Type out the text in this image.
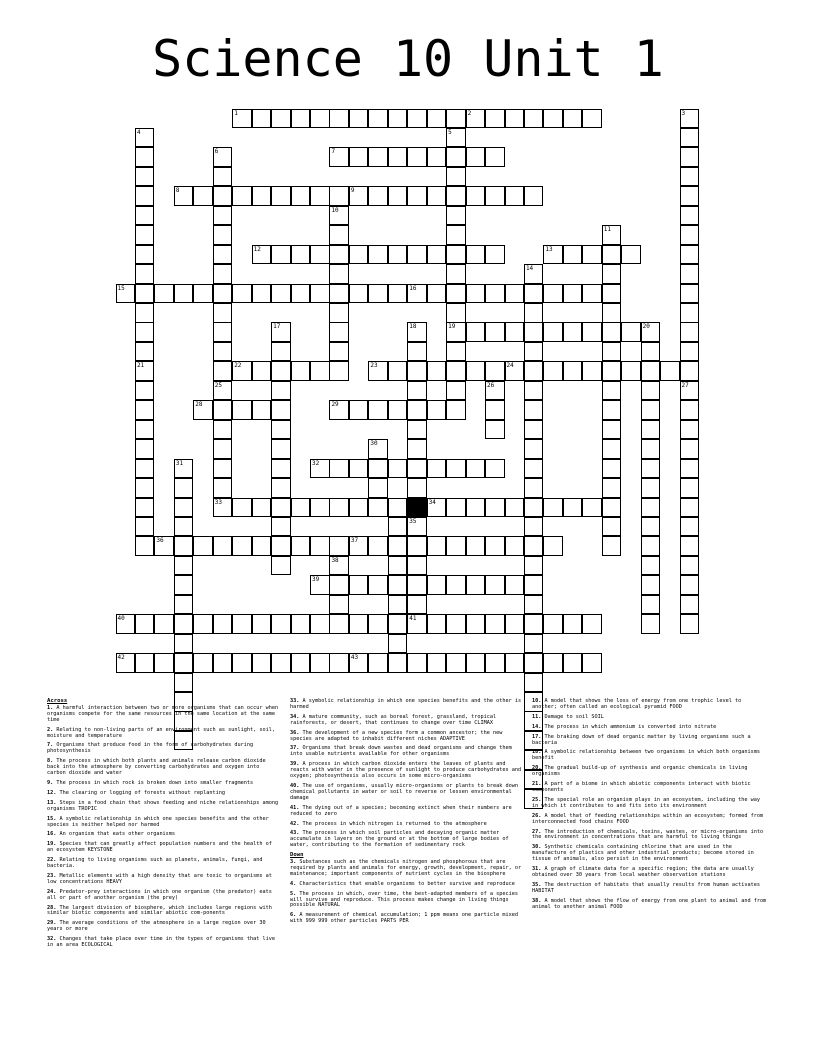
Science 10 Unit 1
1	2	3
4	5
6	7
8	9
10
11
12	13
14
15	16
17	18	19	20
21	22	23	24
25	26	27
28	29
30
31	32
33	34
35
36	37
38
39
40	41
42	43
Across
1. A harmful interaction between two or more organisms that can occur when organisms compete for the same resources in the same location at the same time
2. Relating to non-living parts of an environment such as sunlight, soil, moisture and temperature
7. Organisms that produce food in the form of carbohydrates during photosynthesis
8. The process in which both plants and animals release carbon dioxide back into the atmosphere by converting carbohydrates and oxygen into carbon dioxide and water
9. The process in which rock is broken down into smaller fragments
12. The clearing or logging of forests without replanting
13. Steps in a food chain that shows feeding and niche relationships among organisms TROPIC
15. A symbolic relationship in which one species benefits and the other species is neither helped nor harmed
16. An organism that eats other organisms
19. Species that can greatly affect population numbers and the health of an ecosystem KEYSTONE
22. Relating to living organisms such as planets, animals, fungi, and bacteria.
23. Metallic elements with a high density that are toxic to organisms at low concentrations HEAVY
24. Predator-prey interactions in which one organism (the predator) eats all or part of another organism (the prey)
28. The largest division of biosphere, which includes large regions with similar biotic components and similar abiotic com-ponents
29. The average conditions of the atmosphere in a large region over 30 years or more
32. Changes that take place over time in the types of organisms that live in an area ECOLOGICAL
33. A symbolic relationship in which one species benefits and the other is harmed
34. A mature community, such as boreal forest, grassland, tropical rainforests, or desert, that continues to change over time CLIMAX
36. The development of a new species form a common ancestor; the new species are adapted to inhabit different niches ADAPTIVE
37. Organisms that break down wastes and dead organisms and change them into usable nutrients available for other organisms
39. A process in which carbon dioxide enters the leaves of plants and reacts with water in the presence of sunlight to produce carbohydrates and oxygen; photosynthesis also occurs in some micro-organisms
40. The use of organisms, usually micro-organisms or plants to break down chemical pollutants in water or soil to reverse or lessen environmental damage
41. The dying out of a species; becoming extinct when their numbers are reduced to zero
42. The process in which nitrogen is returned to the atmosphere
43. The process in which soil particles and decaying organic matter accumulate in layers on the ground or at the bottom of large bodies of water, contributing to the formation of sedimentary rock
Down
3. Substances such as the chemicals nitrogen and phosphorous that are required by plants and animals for energy, growth, development, repair, or maintenance; important components of nutrient cycles in the biosphere
4. Characteristics that enable organisms to better survive and reproduce
5. The process in which, over time, the best-adapted members of a species will survive and reproduce. This process makes change in living things possible NATURAL
6. A measurement of chemical accumulation; 1 ppm means one particle mixed with 999 999 other particles PARTS PER
10. A model that shows the loss of energy from one trophic level to another; often called an ecological pyramid FOOD
11. Damage to soil SOIL
14. The process in which ammonium is converted into nitrate
17. The braking down of dead organic matter by living organisms such a bacteria
18. A symbolic relationship between two organisms in which both organisms benefit
20. The gradual build-up of synthesis and organic chemicals in living organisms
21. A part of a biome in which abiotic components interact with biotic components
25. The special role an organism plays in an ecosystem, including the way in which it contributes to and fits into its environment
26. A model that of feeding relationships within an ecosystem; formed from interconnected food chains FOOD
27. The introduction of chemicals, toxins, wastes, or micro-organisms into the environment in concentrations that are harmful to living things
30. Synthetic chemicals containing chlorine that are used in the manufacture of plastics and other industrial products; become stored in tissue of animals, also persist in the environment
31. A graph of climate data for a specific region; the data are usually obtained over 30 years from local weather observation stations
35. The destruction of habitats that usually results from human activates HABITAT
38. A model that shows the flow of energy from one plant to animal and from animal to another animal FOOD
